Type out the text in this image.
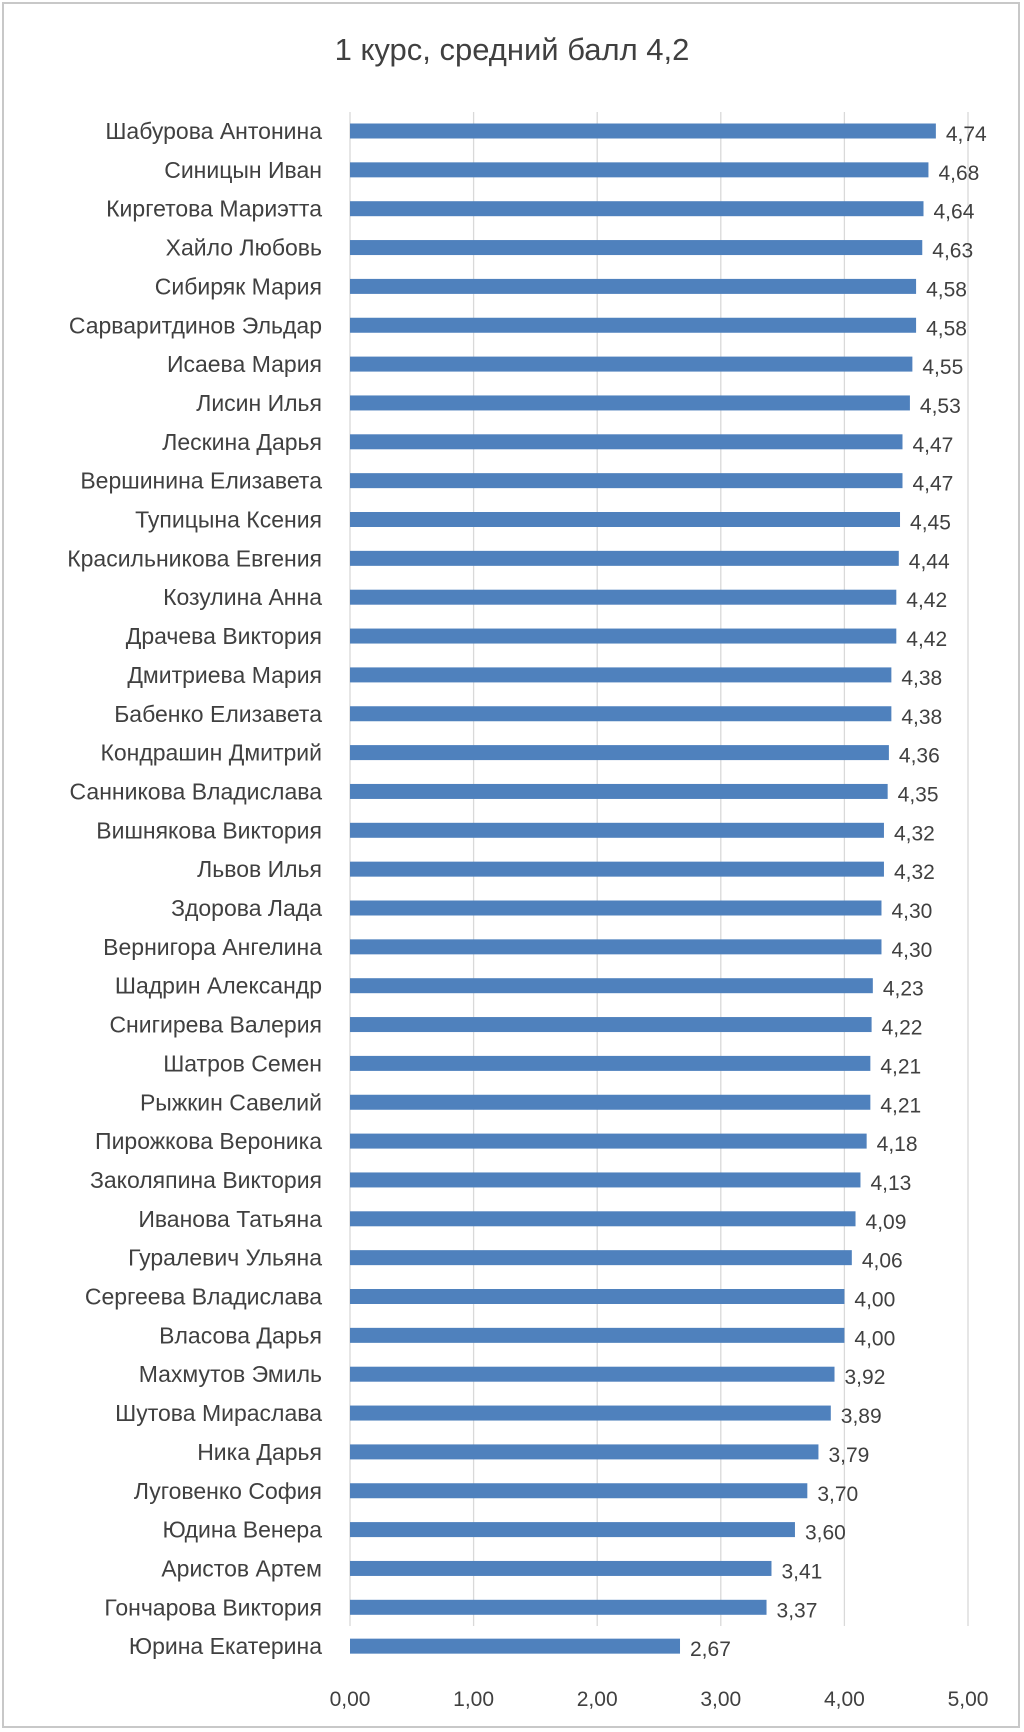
1 курс, средний балл 4,2
Шабурова Антонина
Синицын Иван
Киргетова Мариэтта
Хайло Любовь
Сибиряк Мария
Сарваритдинов Эльдар
Исаева Мария
Лисин Илья
Лескина Дарья
Вершинина Елизавета
Тупицына Ксения
Красильникова Евгения
Козулина Анна
Драчева Виктория
Дмитриева Мария
Бабенко Елизавета
Кондрашин Дмитрий
Санникова Владислава
Вишнякова Виктория
Львов Илья
Здорова Лада
Вернигора Ангелина
Шадрин Александр
Снигирева Валерия
Шатров Семен
Рыжкин Савелий
Пирожкова Вероника
Заколяпина Виктория
Иванова Татьяна
Гуралевич Ульяна
Сергеева Владислава
Власова Дарья
Махмутов Эмиль
Шутова Мираслава
Ника Дарья
Луговенко София
Юдина Венера
Аристов Артем
Гончарова Виктория
Юрина Екатерина
4,74
4,68
4,64
4,63
4,58
4,58
4,55
4,53
4,47
4,47
4,45
4,44
4,42
4,42
4,38
4,38
4,36
4,35
4,32
4,32
4,30
4,30
4,23
4,22
4,21
4,21
4,18
4,13
4,09
4,06
4,00
4,00
3,92
3,89
3,79
3,70
3,60
3,41
3,37
2,67
0,00	1,00	2,00	3,00	4,00	5,00
